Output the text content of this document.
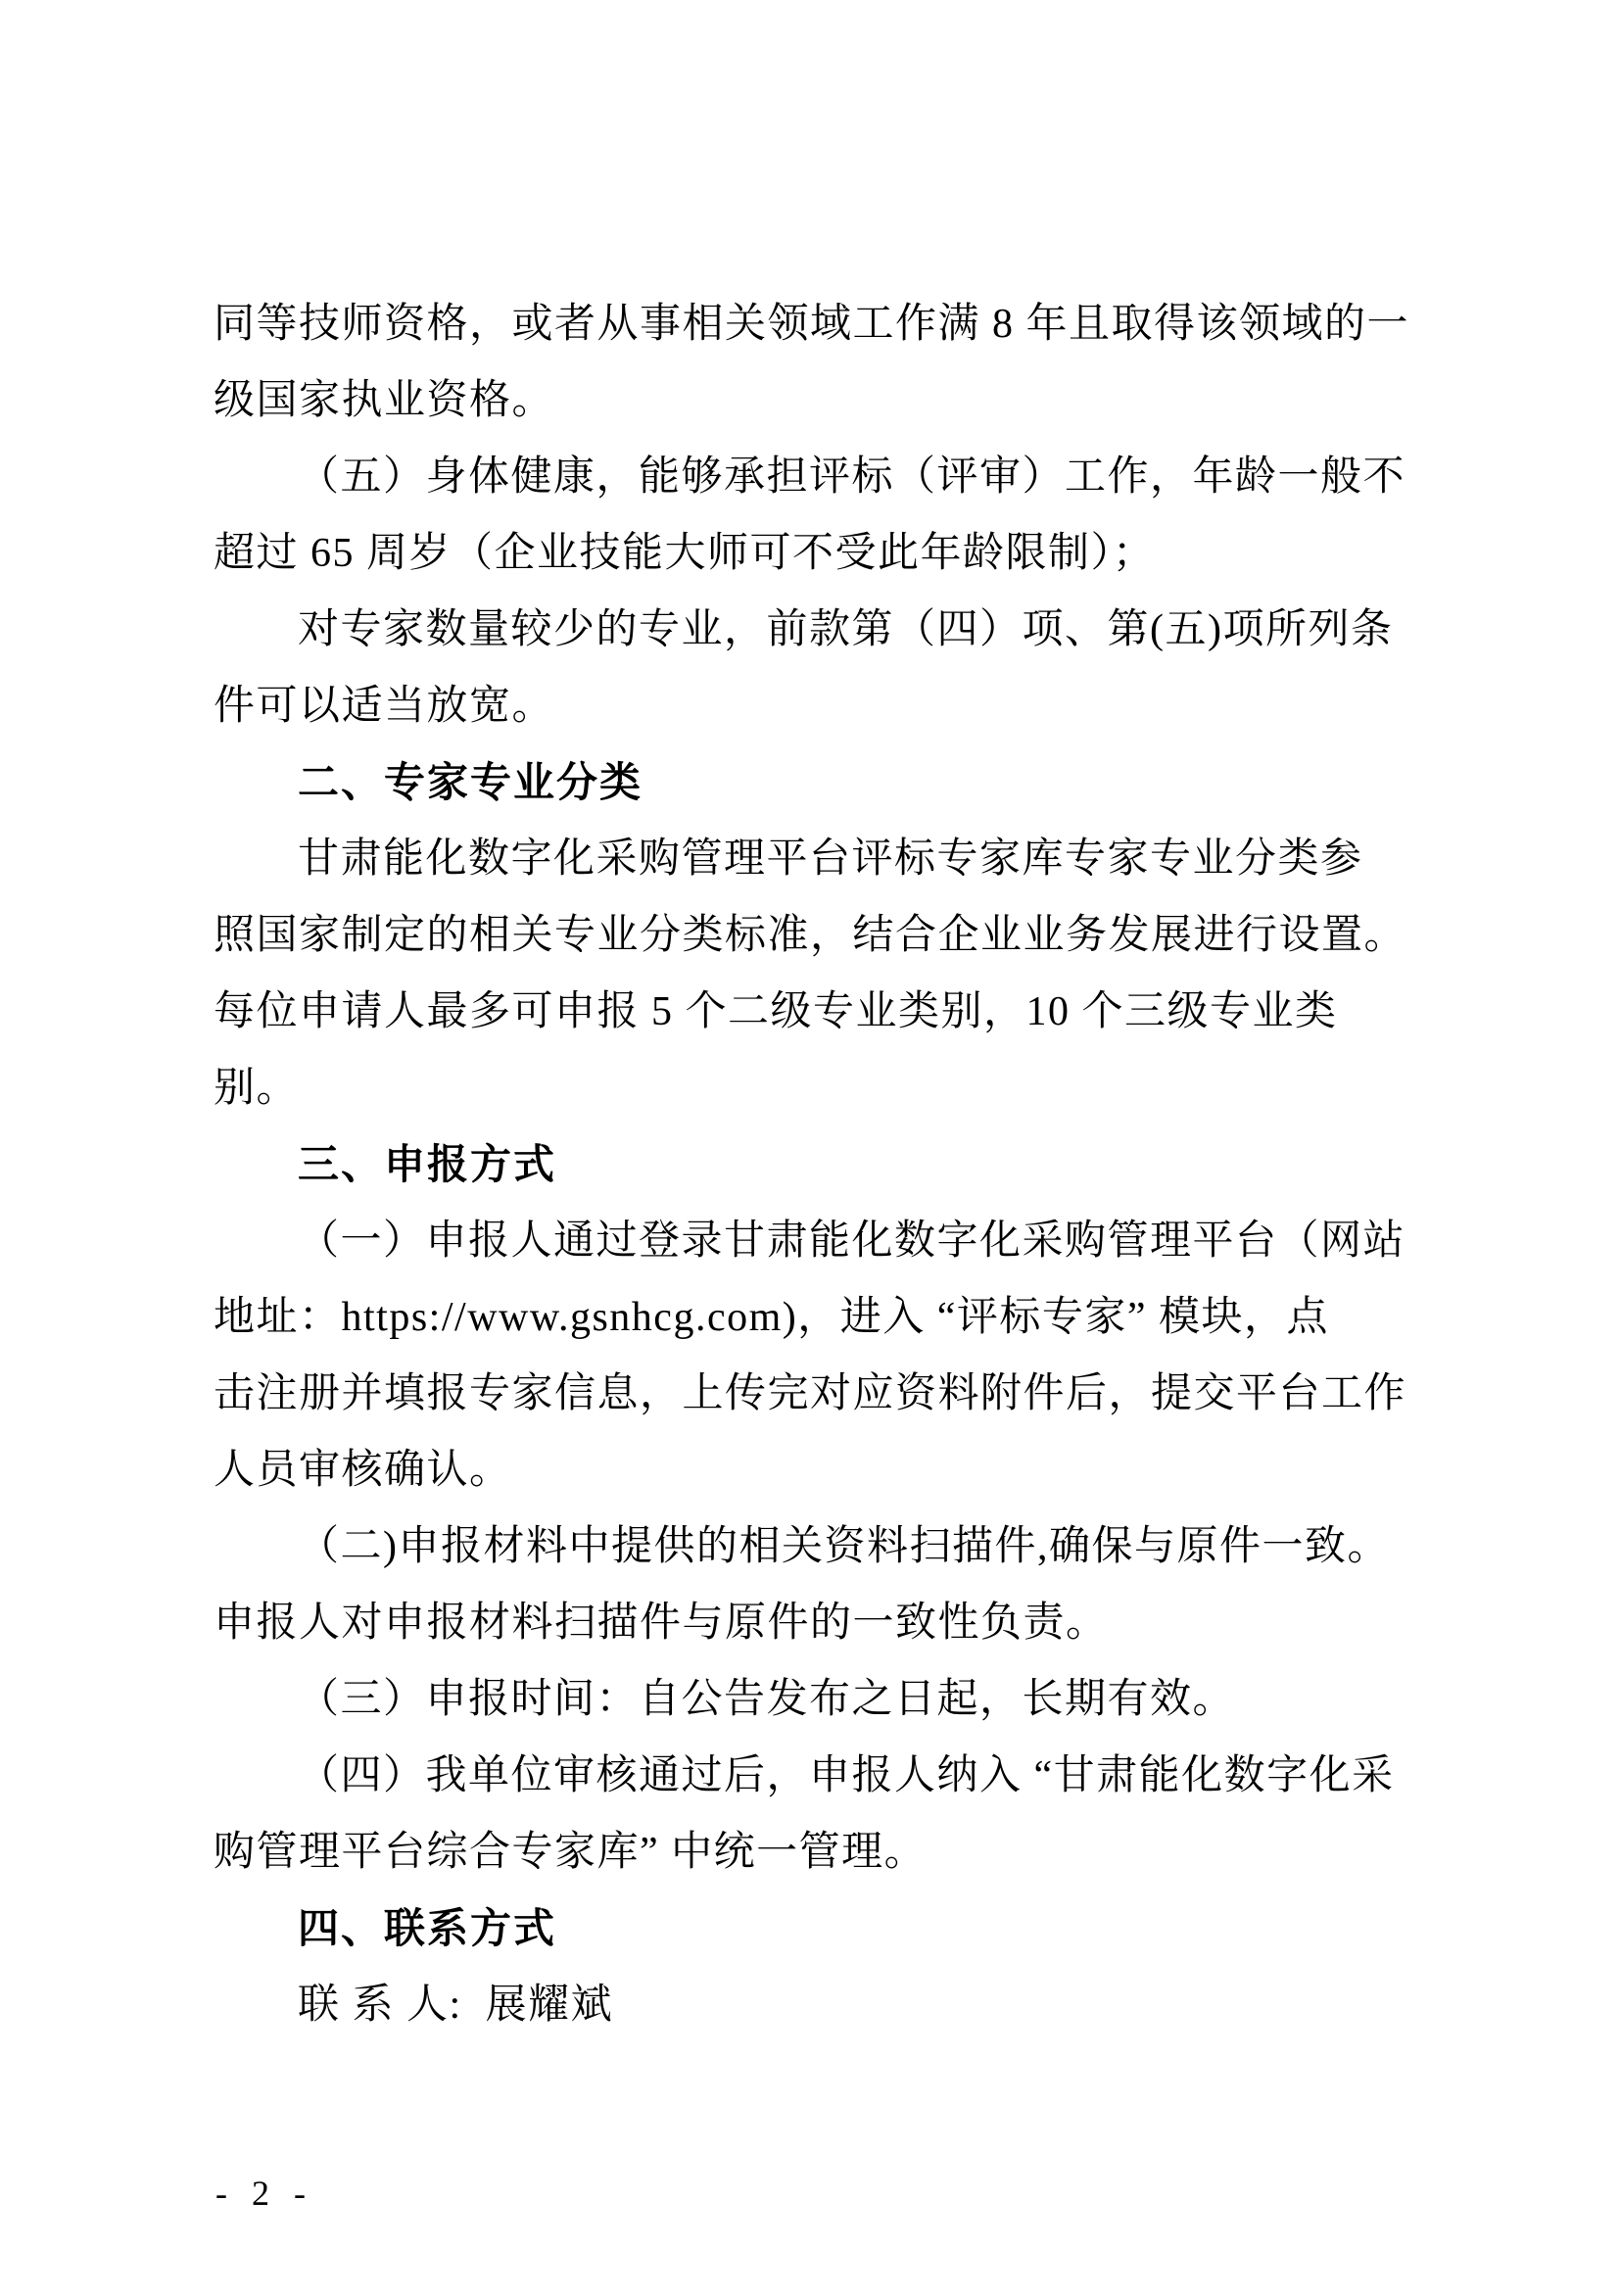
同等技师资格，或者从事相关领域工作满 8 年且取得该领域的一
级国家执业资格。
（五）身体健康，能够承担评标（评审）工作，年龄一般不
超过 65 周岁（企业技能大师可不受此年龄限制）；
对专家数量较少的专业，前款第（四）项、第(五)项所列条
件可以适当放宽。
二、专家专业分类
甘肃能化数字化采购管理平台评标专家库专家专业分类参
照国家制定的相关专业分类标准，结合企业业务发展进行设置。
每位申请人最多可申报 5 个二级专业类别，10 个三级专业类
别。
三、申报方式
（一）申报人通过登录甘肃能化数字化采购管理平台（网站
地址：https://www.gsnhcg.com)，进入 “评标专家” 模块，点
击注册并填报专家信息，上传完对应资料附件后，提交平台工作
人员审核确认。
（二)申报材料中提供的相关资料扫描件,确保与原件一致。
申报人对申报材料扫描件与原件的一致性负责。
（三）申报时间：自公告发布之日起，长期有效。
（四）我单位审核通过后，申报人纳入 “甘肃能化数字化采
购管理平台综合专家库” 中统一管理。
四、联系方式
联 系 人:  展耀斌
- 2 -
